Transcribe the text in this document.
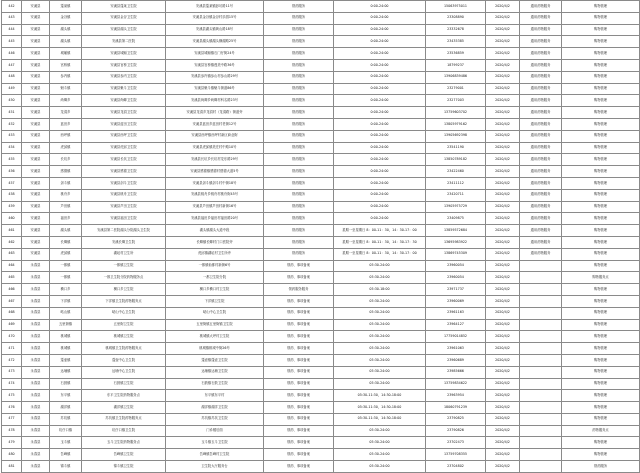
442	安溪县	蓬莱镇	安溪县蓬莱卫生院	安溪县蓬莱镇彭坊路11号	领药服务	0:00-24:00	15063975011	2020/4/2	通用药物服务	购物管理
443	安溪县	金谷镇	安溪县金谷卫生院	安溪县金谷镇金谷村乐园15号	领药服务	0:00-24:00	23308890	2020/4/2	通用药物服务	购物管理
444	安溪县	湖头镇	安溪县湖头卫生院	安溪县湖头镇黄山路18号	领药服务	0:00-24:00	23332678	2020/4/2	通用药物服务	购物管理
445	安溪县	湖头镇	安溪县第二医院	安溪县湖头镇湖头横湖路25号	领药服务	0:00-24:00	23435385	2020/4/2	通用药物服务	购物管理
446	安溪县	城厢镇	安溪县城厢卫生院	安溪县城厢镇石门仔街24号	领药服务	0:00-24:00	23536859	2020/4/2	通用药物服务	购物管理
447	安溪县	官桥镇	安溪县官桥卫生院	安溪县官桥镇莲美中路36号	领药服务	0:00-24:00	18799237	2020/4/2	通用药物服务	购物管理
448	安溪县	参内镇	安溪县参内卫生院	安溪县参内镇参山村参山路29号	领药服务	0:00-24:00	13906839486	2020/4/2	通用药物服务	购物管理
449	安溪县	魁斗镇	安溪县魁斗卫生院	安溪县魁斗镇魁斗街道86号	领药服务	0:00-24:00	23279001	2020/4/2	通用药物服务	购物管理
450	安溪县	尚卿乡	安溪县尚卿卫生院	安溪县尚卿乡尚卿村科名路23号	领药服务	0:00-24:00	23277003	2020/4/2	通用药物服务	购物管理
451	安溪县	龙涓乡	安溪县龙涓卫生院	安溪县龙涓乡龙涓村（龙涓路）街道旁	领药服务	0:00-24:00	13759603702	2020/4/2	通用药物服务	购物管理
452	安溪县	蓝田乡	安溪县蓝田卫生院	安溪县蓝田乡蓝田村老街12号	领药服务	0:00-24:00	13805979162	2020/4/2	通用药物服务	购物管理
453	安溪县	西坪镇	安溪县西坪卫生院	安溪县西坪镇西坪村新区商业街	领药服务	0:00-24:00	13905692398	2020/4/2	通用药物服务	购物管理
454	安溪县	虎邱镇	安溪县虎邱卫生院	安溪县虎邱镇美庄村中路10号	领药服务	0:00-24:00	23541190	2020/4/2	通用药物服务	购物管理
455	安溪县	长坑乡	安溪县长坑卫生院	安溪县长坑乡长坑村龙东路29号	领药服务	0:00-24:00	13850789182	2020/4/2	通用药物服务	购物管理
456	安溪县	感德镇	安溪县感德卫生院	安溪县感德镇感德村感德大道5号	领药服务	0:00-24:00	23422460	2020/4/2	通用药物服务	购物管理
457	安溪县	剑斗镇	安溪县剑斗卫生院	安溪县剑斗镇剑斗村中街18号	领药服务	0:00-24:00	23411112	2020/4/2	通用药物服务	购物管理
458	安溪县	桃舟乡	安溪县桃舟卫生院	安溪县桃舟乡桃舟村桃舟街45号	领药服务	0:00-24:00	23420711	2020/4/2	通用药物服务	购物管理
459	安溪县	芦田镇	安溪县芦田卫生院	安溪县芦田镇芦田村新街16号	领药服务	0:00-24:00	13905975729	2020/4/2	通用药物服务	购物管理
460	安溪县	福田乡	安溪县福田卫生院	安溪县福田乡福田村福田路20号	领药服务	0:00-24:00	23409875	2020/4/2	通用药物服务	购物管理
461	安溪县	湖头镇	安溪县第二医院湖头分院湖头卫生院	湖头镇湖头大道中段	领药服务	星期一至星期日 8：00-11：30，14：30-17：00	13859572684	2020/4/2	通用药物服务	购物管理
462	安溪县	长卿镇	安溪长卿卫生院	长卿镇长卿村门口医院旁	领药服务	星期一至星期日 8：00-11：30，14：30-17：30	13695983922	2020/4/2	通用药物服务	购物管理
463	安溪县	虎邱镇	湖坵村卫生所	虎邱镇湖坵村卫生所旁	领药服务	星期一至星期日 8：00-11：30，14：30-17：00	13869745309	2020/4/2	通用药物服务	购物管理
464	永春县	一都镇	一都镇卫生院	一都镇仙都村新街6号	领药、事项备案	05:30-24:00	23960054	2020/4/2		购物管理
465	永春县	一都镇	一都卫生院分院药物服务点	一都卫生院分院	领药、事项备案	05:30-24:00	23960054	2020/4/2		购物服务点
466	永春县	横口乡	横口乡卫生院	横口乡横口村卫生院	领药服务服务	05:30-18:00	23971737	2020/4/2		购物管理
467	永春县	下洋镇	下洋镇卫生院药物服务点	下洋镇卫生院	领药、事项备案	05:30-24:00	23960069	2020/4/2		购物管理
468	永春县	岵山镇	岵山中心卫生院	岵山中心卫生院	领药、事项备案	05:30-24:00	23961163	2020/4/2		购物管理
469	永春县	五里街镇	五里街卫生院	五里街镇五里街镇卫生院	领药、事项备案	05:30-24:00	23964127	2020/4/2		购物管理
470	永春县	桃城镇	桃城镇卫生院	桃城镇大坪村卫生院	领药、事项备案	05:30-24:00	17759014852	2020/4/2		购物管理
471	永春县	桃城镇	桃城镇卫生院药物服务点	桃城镇桃城中街26号	领药、事项备案	05:30-24:00	23961063	2020/4/2		购物管理
472	永春县	蓬壶镇	蓬壶中心卫生院	蓬壶镇蓬壶卫生院	领药、事项备案	05:30-24:00	23960689	2020/4/2		购物管理
473	永春县	达埔镇	达埔中心卫生院	达埔镇达埔卫生院	领药、事项备案	05:30-24:00	23985666	2020/4/2		购物管理
474	永春县	石鼓镇	石鼓镇卫生院	石鼓镇石鼓卫生院	领药、事项备案	05:30-24:00	13759834622	2020/4/2		购物管理
475	永春县	东平镇	东平卫生院药物服务点	东平镇东平村	领药、事项备案	05:30-11:30，14:30-18:00	23963954	2020/4/2		购物管理
476	永春县	湖洋镇	湖洋镇卫生院	湖洋镇湖洋卫生院	领药、事项备案	05:30-11:30，14:30-18:00	18060791239	2020/4/2		购物管理
477	永春县	苏坑镇	苏坑镇卫生院药物服务点	苏坑镇苏坑卫生院	领药、事项备案	05:30-11:30，14:30-18:00	23790825	2020/4/2		购物管理
478	永春县	坑仔口镇	坑仔口镇卫生院	门诊楼后面	领药、事项备案	05:30-24:00	23790826	2020/4/2		药物服务点
479	永春县	玉斗镇	玉斗卫生院药物服务点	玉斗镇玉斗卫生院	领药、事项备案	05:30-24:00	23702473	2020/4/2		购物管理
480	永春县	吾峰镇	吾峰镇卫生院	吾峰镇吾峰村卫生院	领药、事项备案	05:30-24:00	13759708355	2020/4/2		购物管理
481	永春县	锦斗镇	锦斗镇卫生院	卫生院大厅服务台	领药、事项备案	05:30-24:00	23704802	2020/4/2		领药服务
